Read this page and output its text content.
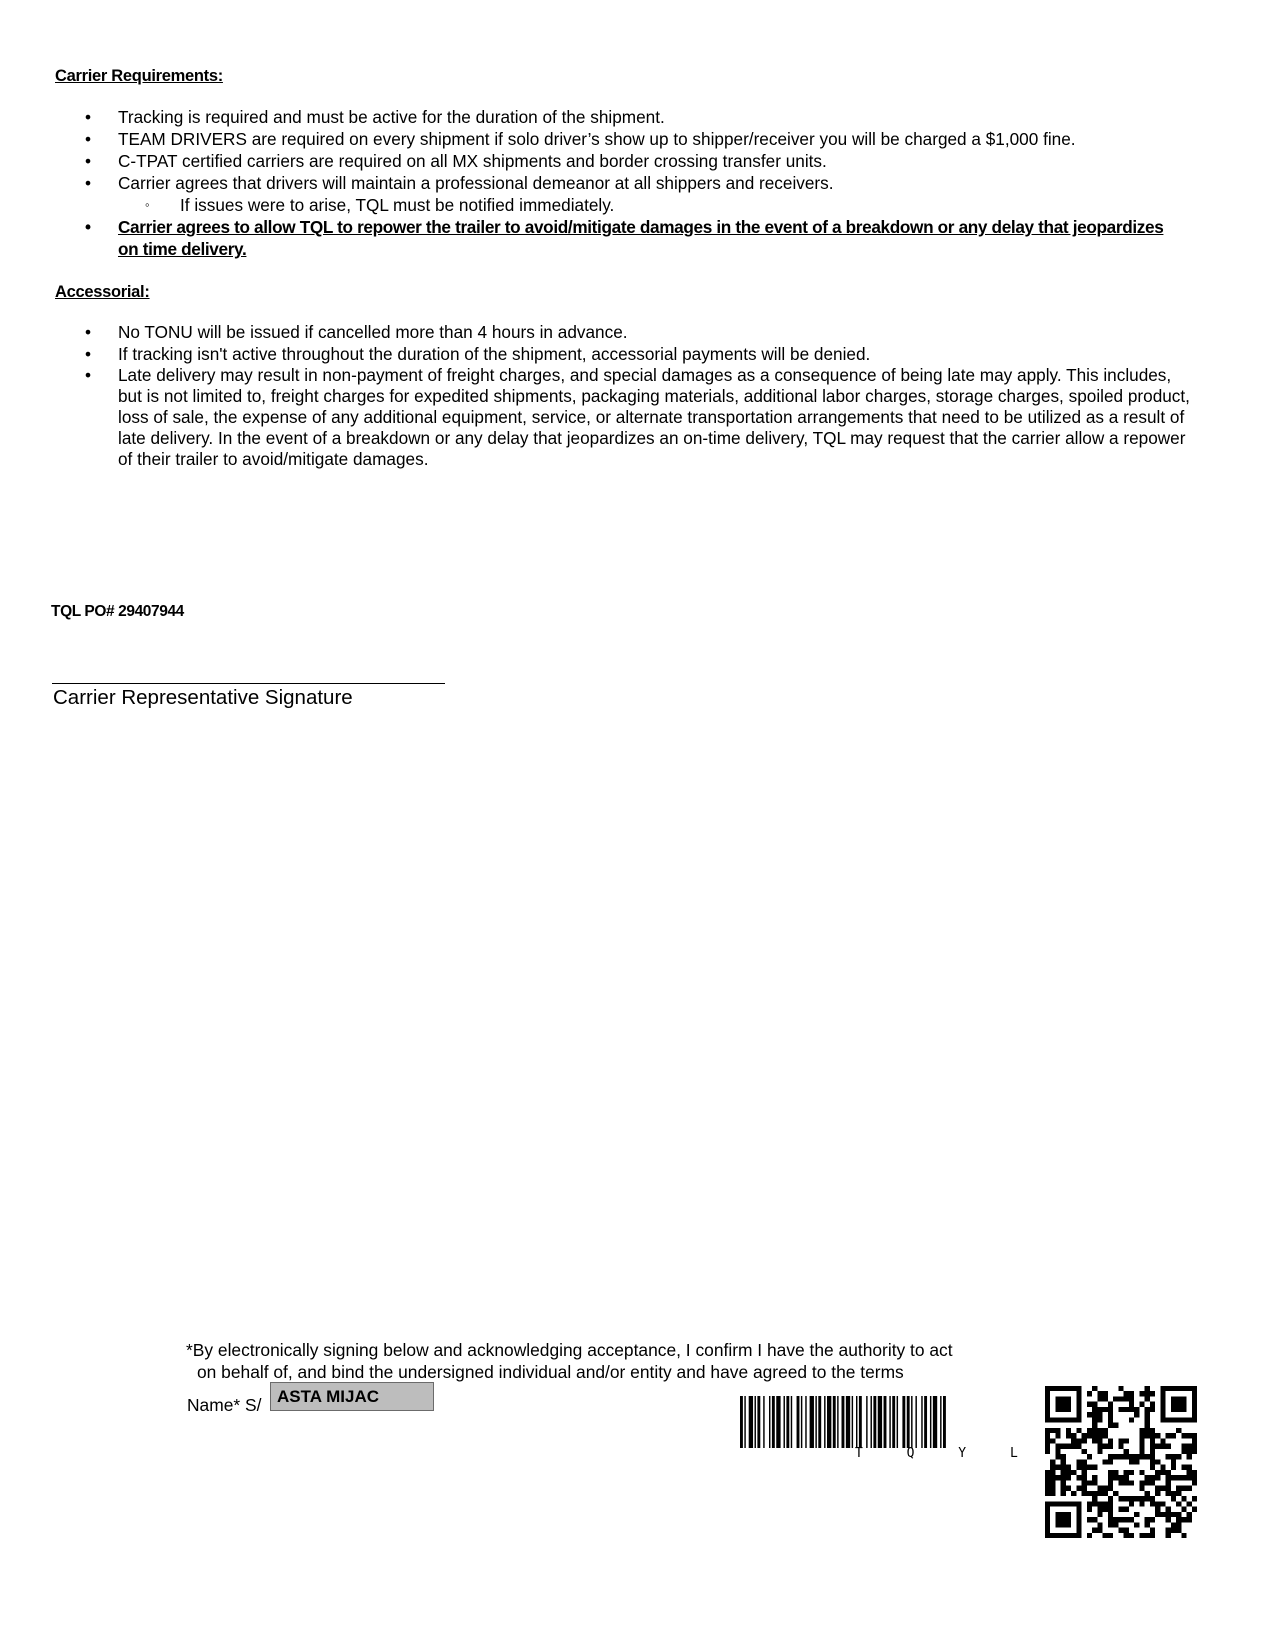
Carrier Requirements:
• Tracking is required and must be active for the duration of the shipment.
• TEAM DRIVERS are required on every shipment if solo driver’s show up to shipper/receiver you will be charged a $1,000 fine.
• C-TPAT certified carriers are required on all MX shipments and border crossing transfer units.
• Carrier agrees that drivers will maintain a professional demeanor at all shippers and receivers.
◦ If issues were to arise, TQL must be notified immediately.
• Carrier agrees to allow TQL to repower the trailer to avoid/mitigate damages in the event of a breakdown or any delay that jeopardizes on time delivery.
Accessorial:
• No TONU will be issued if cancelled more than 4 hours in advance.
• If tracking isn't active throughout the duration of the shipment, accessorial payments will be denied.
• Late delivery may result in non-payment of freight charges, and special damages as a consequence of being late may apply. This includes, but is not limited to, freight charges for expedited shipments, packaging materials, additional labor charges, storage charges, spoiled product, loss of sale, the expense of any additional equipment, service, or alternate transportation arrangements that need to be utilized as a result of late delivery. In the event of a breakdown or any delay that jeopardizes an on-time delivery, TQL may request that the carrier allow a repower of their trailer to avoid/mitigate damages.
TQL PO# 29407944
Carrier Representative Signature
*By electronically signing below and acknowledging acceptance, I confirm I have the authority to act
on behalf of, and bind the undersigned individual and/or entity and have agreed to the terms
Name* S/ ASTA MIJAC
T Q Y L
